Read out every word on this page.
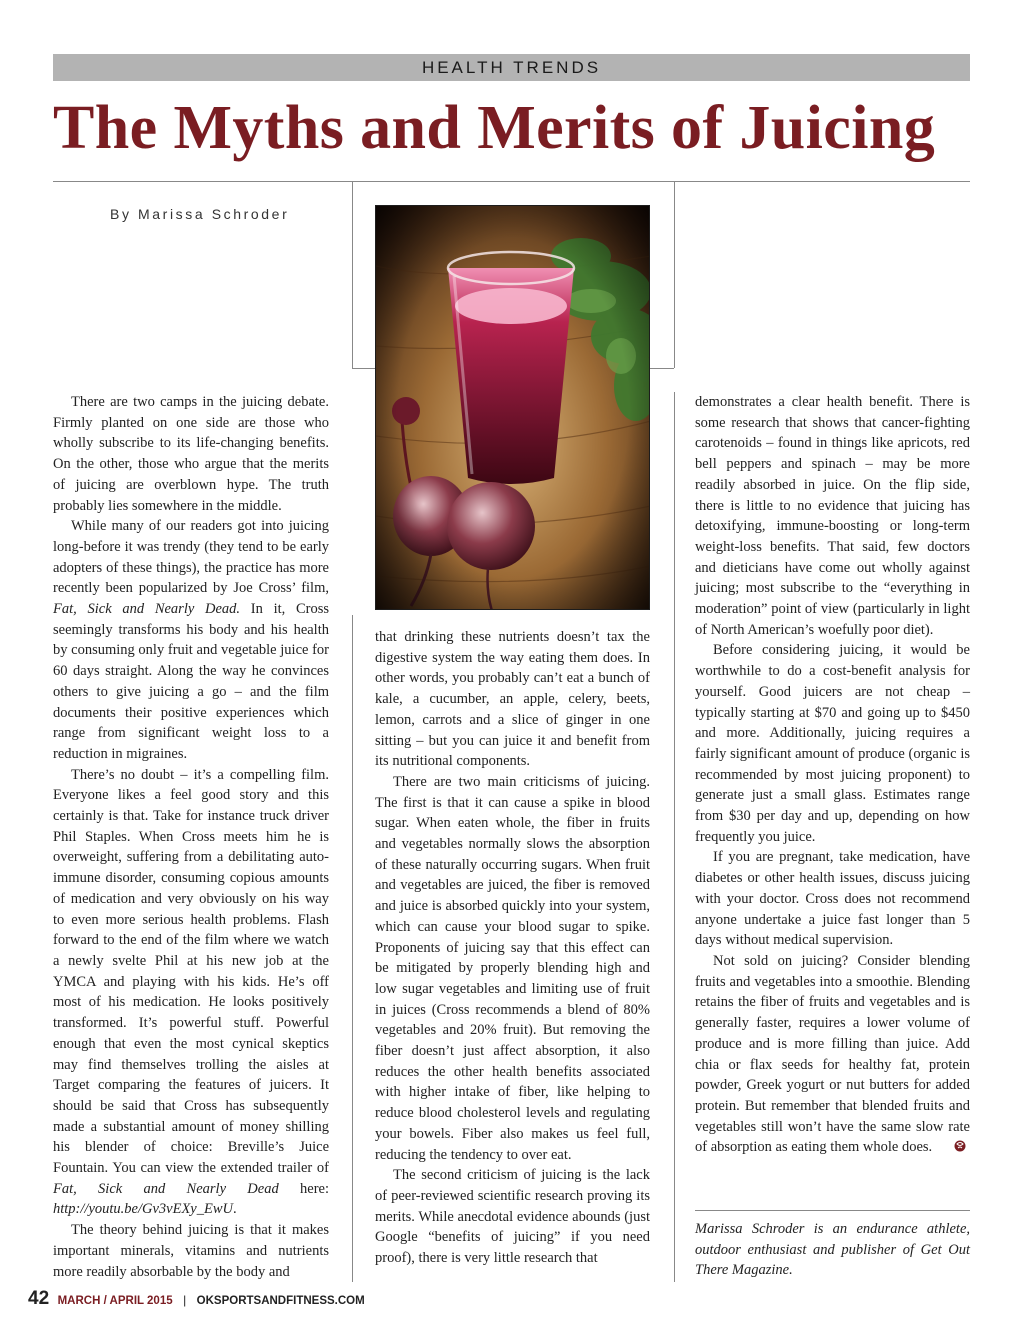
HEALTH TRENDS
The Myths and Merits of Juicing
By Marissa Schroder

There are two camps in the juicing debate. Firmly planted on one side are those who wholly subscribe to its life-changing benefits. On the other, those who argue that the merits of juicing are overblown hype. The truth probably lies somewhere in the middle.

While many of our readers got into juicing long-before it was trendy (they tend to be early adopters of these things), the practice has more recently been popularized by Joe Cross’ film, Fat, Sick and Nearly Dead. In it, Cross seemingly transforms his body and his health by consuming only fruit and vegetable juice for 60 days straight. Along the way he convinces others to give juicing a go – and the film documents their positive experiences which range from significant weight loss to a reduction in migraines.

There’s no doubt – it’s a compelling film. Everyone likes a feel good story and this certainly is that. Take for instance truck driver Phil Staples. When Cross meets him he is overweight, suffering from a debilitating auto-immune disorder, consuming copious amounts of medication and very obviously on his way to even more serious health problems. Flash forward to the end of the film where we watch a newly svelte Phil at his new job at the YMCA and playing with his kids. He’s off most of his medication. He looks positively transformed. It’s powerful stuff. Powerful enough that even the most cynical skeptics may find themselves trolling the aisles at Target comparing the features of juicers. It should be said that Cross has subsequently made a substantial amount of money shilling his blender of choice: Breville’s Juice Fountain. You can view the extended trailer of Fat, Sick and Nearly Dead here: http://youtu.be/Gv3vEXy_EwU.

The theory behind juicing is that it makes important minerals, vitamins and nutrients more readily absorbable by the body and

that drinking these nutrients doesn’t tax the digestive system the way eating them does. In other words, you probably can’t eat a bunch of kale, a cucumber, an apple, celery, beets, lemon, carrots and a slice of ginger in one sitting – but you can juice it and benefit from its nutritional components.

There are two main criticisms of juicing. The first is that it can cause a spike in blood sugar. When eaten whole, the fiber in fruits and vegetables normally slows the absorption of these naturally occurring sugars. When fruit and vegetables are juiced, the fiber is removed and juice is absorbed quickly into your system, which can cause your blood sugar to spike. Proponents of juicing say that this effect can be mitigated by properly blending high and low sugar vegetables and limiting use of fruit in juices (Cross recommends a blend of 80% vegetables and 20% fruit). But removing the fiber doesn’t just affect absorption, it also reduces the other health benefits associated with higher intake of fiber, like helping to reduce blood cholesterol levels and regulating your bowels. Fiber also makes us feel full, reducing the tendency to over eat.

The second criticism of juicing is the lack of peer-reviewed scientific research proving its merits. While anecdotal evidence abounds (just Google “benefits of juicing” if you need proof), there is very little research that

demonstrates a clear health benefit. There is some research that shows that cancer-fighting carotenoids – found in things like apricots, red bell peppers and spinach – may be more readily absorbed in juice. On the flip side, there is little to no evidence that juicing has detoxifying, immune-boosting or long-term weight-loss benefits. That said, few doctors and dieticians have come out wholly against juicing; most subscribe to the “everything in moderation” point of view (particularly in light of North American’s woefully poor diet).

Before considering juicing, it would be worthwhile to do a cost-benefit analysis for yourself. Good juicers are not cheap – typically starting at $70 and going up to $450 and more. Additionally, juicing requires a fairly significant amount of produce (organic is recommended by most juicing proponent) to generate just a small glass. Estimates range from $30 per day and up, depending on how frequently you juice.

If you are pregnant, take medication, have diabetes or other health issues, discuss juicing with your doctor. Cross does not recommend anyone undertake a juice fast longer than 5 days without medical supervision.

Not sold on juicing? Consider blending fruits and vegetables into a smoothie. Blending retains the fiber of fruits and vegetables and is generally faster, requires a lower volume of produce and is more filling than juice. Add chia or flax seeds for healthy fat, protein powder, Greek yogurt or nut butters for added protein. But remember that blended fruits and vegetables still won’t have the same slow rate of absorption as eating them whole does.

Marissa Schroder is an endurance athlete, outdoor enthusiast and publisher of Get Out There Magazine.
42 MARCH / APRIL 2015 | OKSPORTSANDFITNESS.COM
